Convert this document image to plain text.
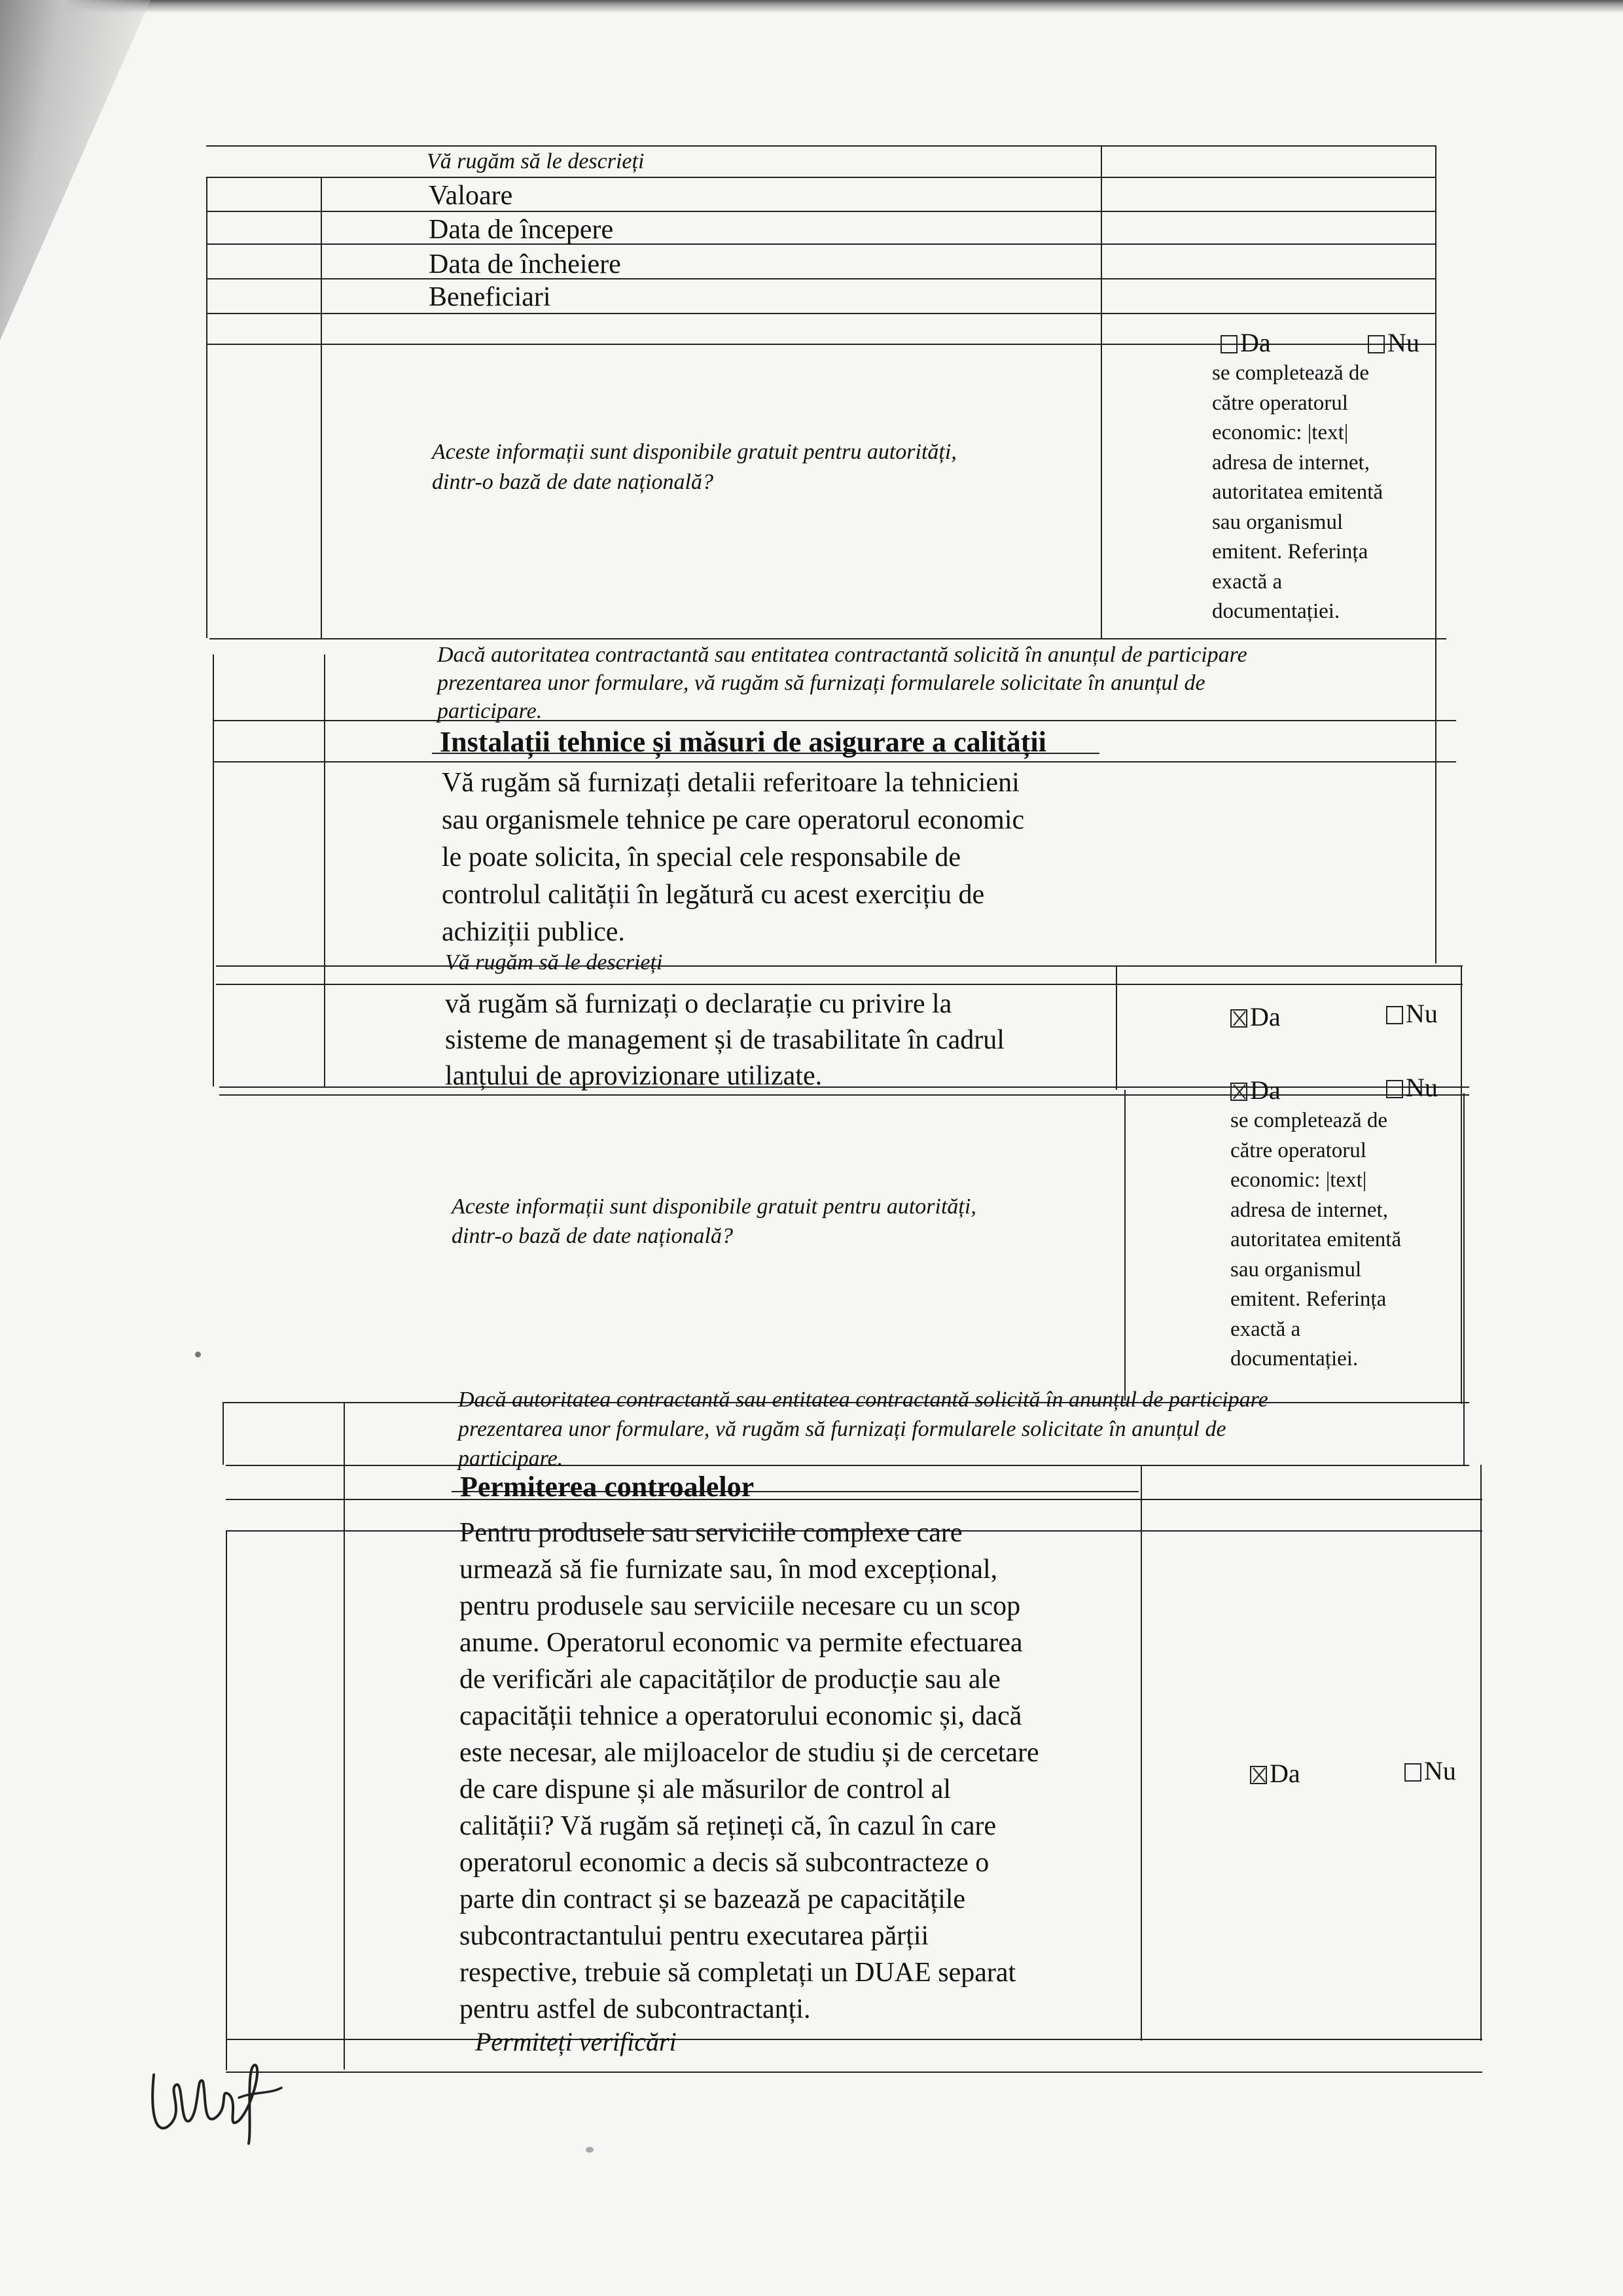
Vă rugăm să le descrieți
Valoare
Data de începere
Data de încheiere
Beneficiari
Aceste informații sunt disponibile gratuit pentru autorități,
dintr-o bază de date națională?
Da	Nu
se completează de
către operatorul
economic: |text|
adresa de internet,
autoritatea emitentă
sau organismul
emitent. Referința
exactă a
documentației.
Dacă autoritatea contractantă sau entitatea contractantă solicită în anunțul de participare
prezentarea unor formulare, vă rugăm să furnizați formularele solicitate în anunțul de
participare.
Instalații tehnice și măsuri de asigurare a calității
Vă rugăm să furnizați detalii referitoare la tehnicieni
sau organismele tehnice pe care operatorul economic
le poate solicita, în special cele responsabile de
controlul calității în legătură cu acest exercițiu de
achiziții publice.
Vă rugăm să le descrieți
vă rugăm să furnizați o declarație cu privire la
sisteme de management și de trasabilitate în cadrul
lanțului de aprovizionare utilizate.
Da	Nu
Aceste informații sunt disponibile gratuit pentru autorități,
dintr-o bază de date națională?
Da	Nu
se completează de
către operatorul
economic: |text|
adresa de internet,
autoritatea emitentă
sau organismul
emitent. Referința
exactă a
documentației.
Dacă autoritatea contractantă sau entitatea contractantă solicită în anunțul de participare
prezentarea unor formulare, vă rugăm să furnizați formularele solicitate în anunțul de
participare.
Permiterea controalelor
Pentru produsele sau serviciile complexe care
urmează să fie furnizate sau, în mod excepțional,
pentru produsele sau serviciile necesare cu un scop
anume. Operatorul economic va permite efectuarea
de verificări ale capacităților de producție sau ale
capacității tehnice a operatorului economic și, dacă
este necesar, ale mijloacelor de studiu și de cercetare
de care dispune și ale măsurilor de control al
calității? Vă rugăm să rețineți că, în cazul în care
operatorul economic a decis să subcontracteze o
parte din contract și se bazează pe capacitățile
subcontractantului pentru executarea părții
respective, trebuie să completați un DUAE separat
pentru astfel de subcontractanți.
Permiteți verificări
Da	Nu
